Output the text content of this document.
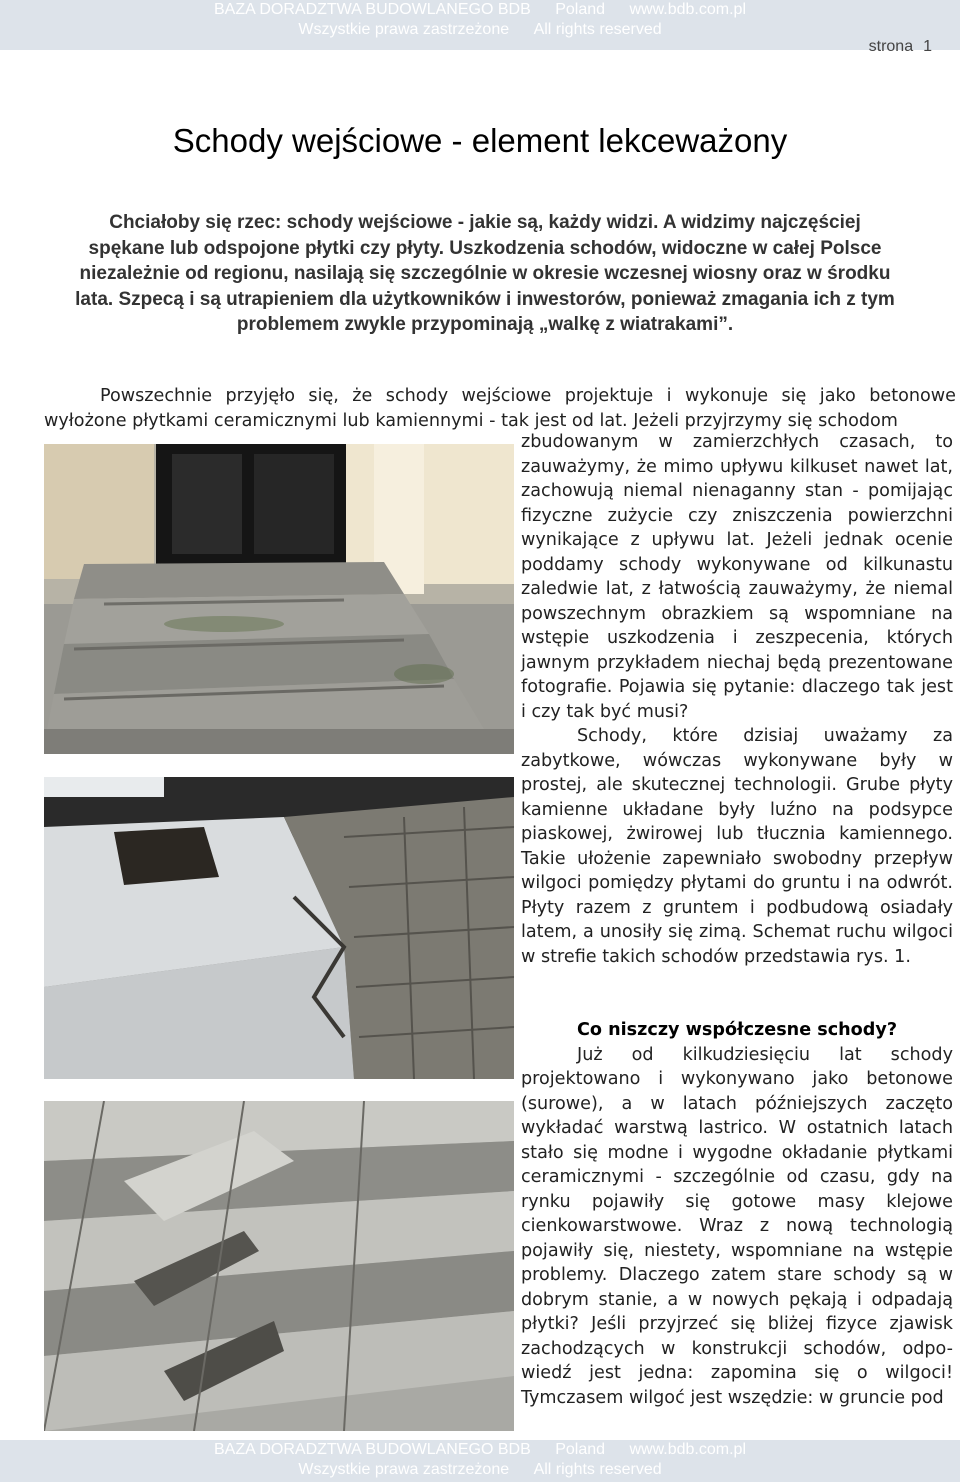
BAZA DORADZTWA BUDOWLANEGO BDB Poland www.bdb.com.pl
Wszystkie prawa zastrzeżone All rights reserved
strona 1
Schody wejściowe - element lekceważony

Chciałoby się rzec: schody wejściowe - jakie są, każdy widzi. A widzimy najczęściej spękane lub odspojone płytki czy płyty. Uszkodzenia schodów, widoczne w całej Polsce niezależnie od regionu, nasilają się szczególnie w okresie wczesnej wiosny oraz w środku lata. Szpecą i są utrapieniem dla użytkowników i inwestorów, ponieważ zmagania ich z tym problemem zwykle przypominają „walkę z wiatrakami”.

Powszechnie przyjęło się, że schody wejściowe projektuje i wykonuje się jako betonowe wyłożone płytkami ceramicznymi lub kamiennymi - tak jest od lat. Jeżeli przyjrzymy się schodom

zbudowanym w zamierzchłych czasach, to zauważymy, że mimo upływu kilkuset nawet lat, zachowują niemal nienaganny stan - pomijając fizyczne zużycie czy zniszczenia powierzchni wynikające z upływu lat. Jeżeli jednak ocenie poddamy schody wykonywane od kilkunastu zaledwie lat, z łatwością zauważymy, że niemal powszechnym obrazkiem są wspomniane na wstępie uszkodzenia i zeszpecenia, których jawnym przykładem niechaj będą prezentowane fotografie. Pojawia się pytanie: dlaczego tak jest i czy tak być musi?

Schody, które dzisiaj uważamy za zabytkowe, wówczas wykonywane były w prostej, ale skutecznej technologii. Grube płyty kamienne układane były luźno na podsypce piaskowej, żwirowej lub tłucznia kamiennego. Takie ułożenie zapewniało swobodny przepływ wilgoci pomiędzy płytami do gruntu i na odwrót. Płyty razem z gruntem i podbudową osiadały latem, a unosiły się zimą. Schemat ruchu wilgoci w strefie takich schodów przedstawia rys. 1.

Co niszczy współczesne schody?

Już od kilkudziesięciu lat schody projektowano i wykonywano jako betonowe (surowe), a w latach późniejszych zaczęto wykładać warstwą lastrico. W ostatnich latach stało się modne i wygodne okładanie płytkami ceramicznymi - szczególnie od czasu, gdy na rynku pojawiły się gotowe masy klejowe cienkowarstwowe. Wraz z nową technologią pojawiły się, niestety, wspomniane na wstępie problemy. Dlaczego zatem stare schody są w dobrym stanie, a w nowych pękają i odpadają płytki? Jeśli przyjrzeć się bliżej fizyce zjawisk zachodzących w konstrukcji schodów, odpo-wiedź jest jedna: zapomina się o wilgoci! Tymczasem wilgoć jest wszędzie: w gruncie pod

BAZA DORADZTWA BUDOWLANEGO BDB Poland www.bdb.com.pl
Wszystkie prawa zastrzeżone All rights reserved
